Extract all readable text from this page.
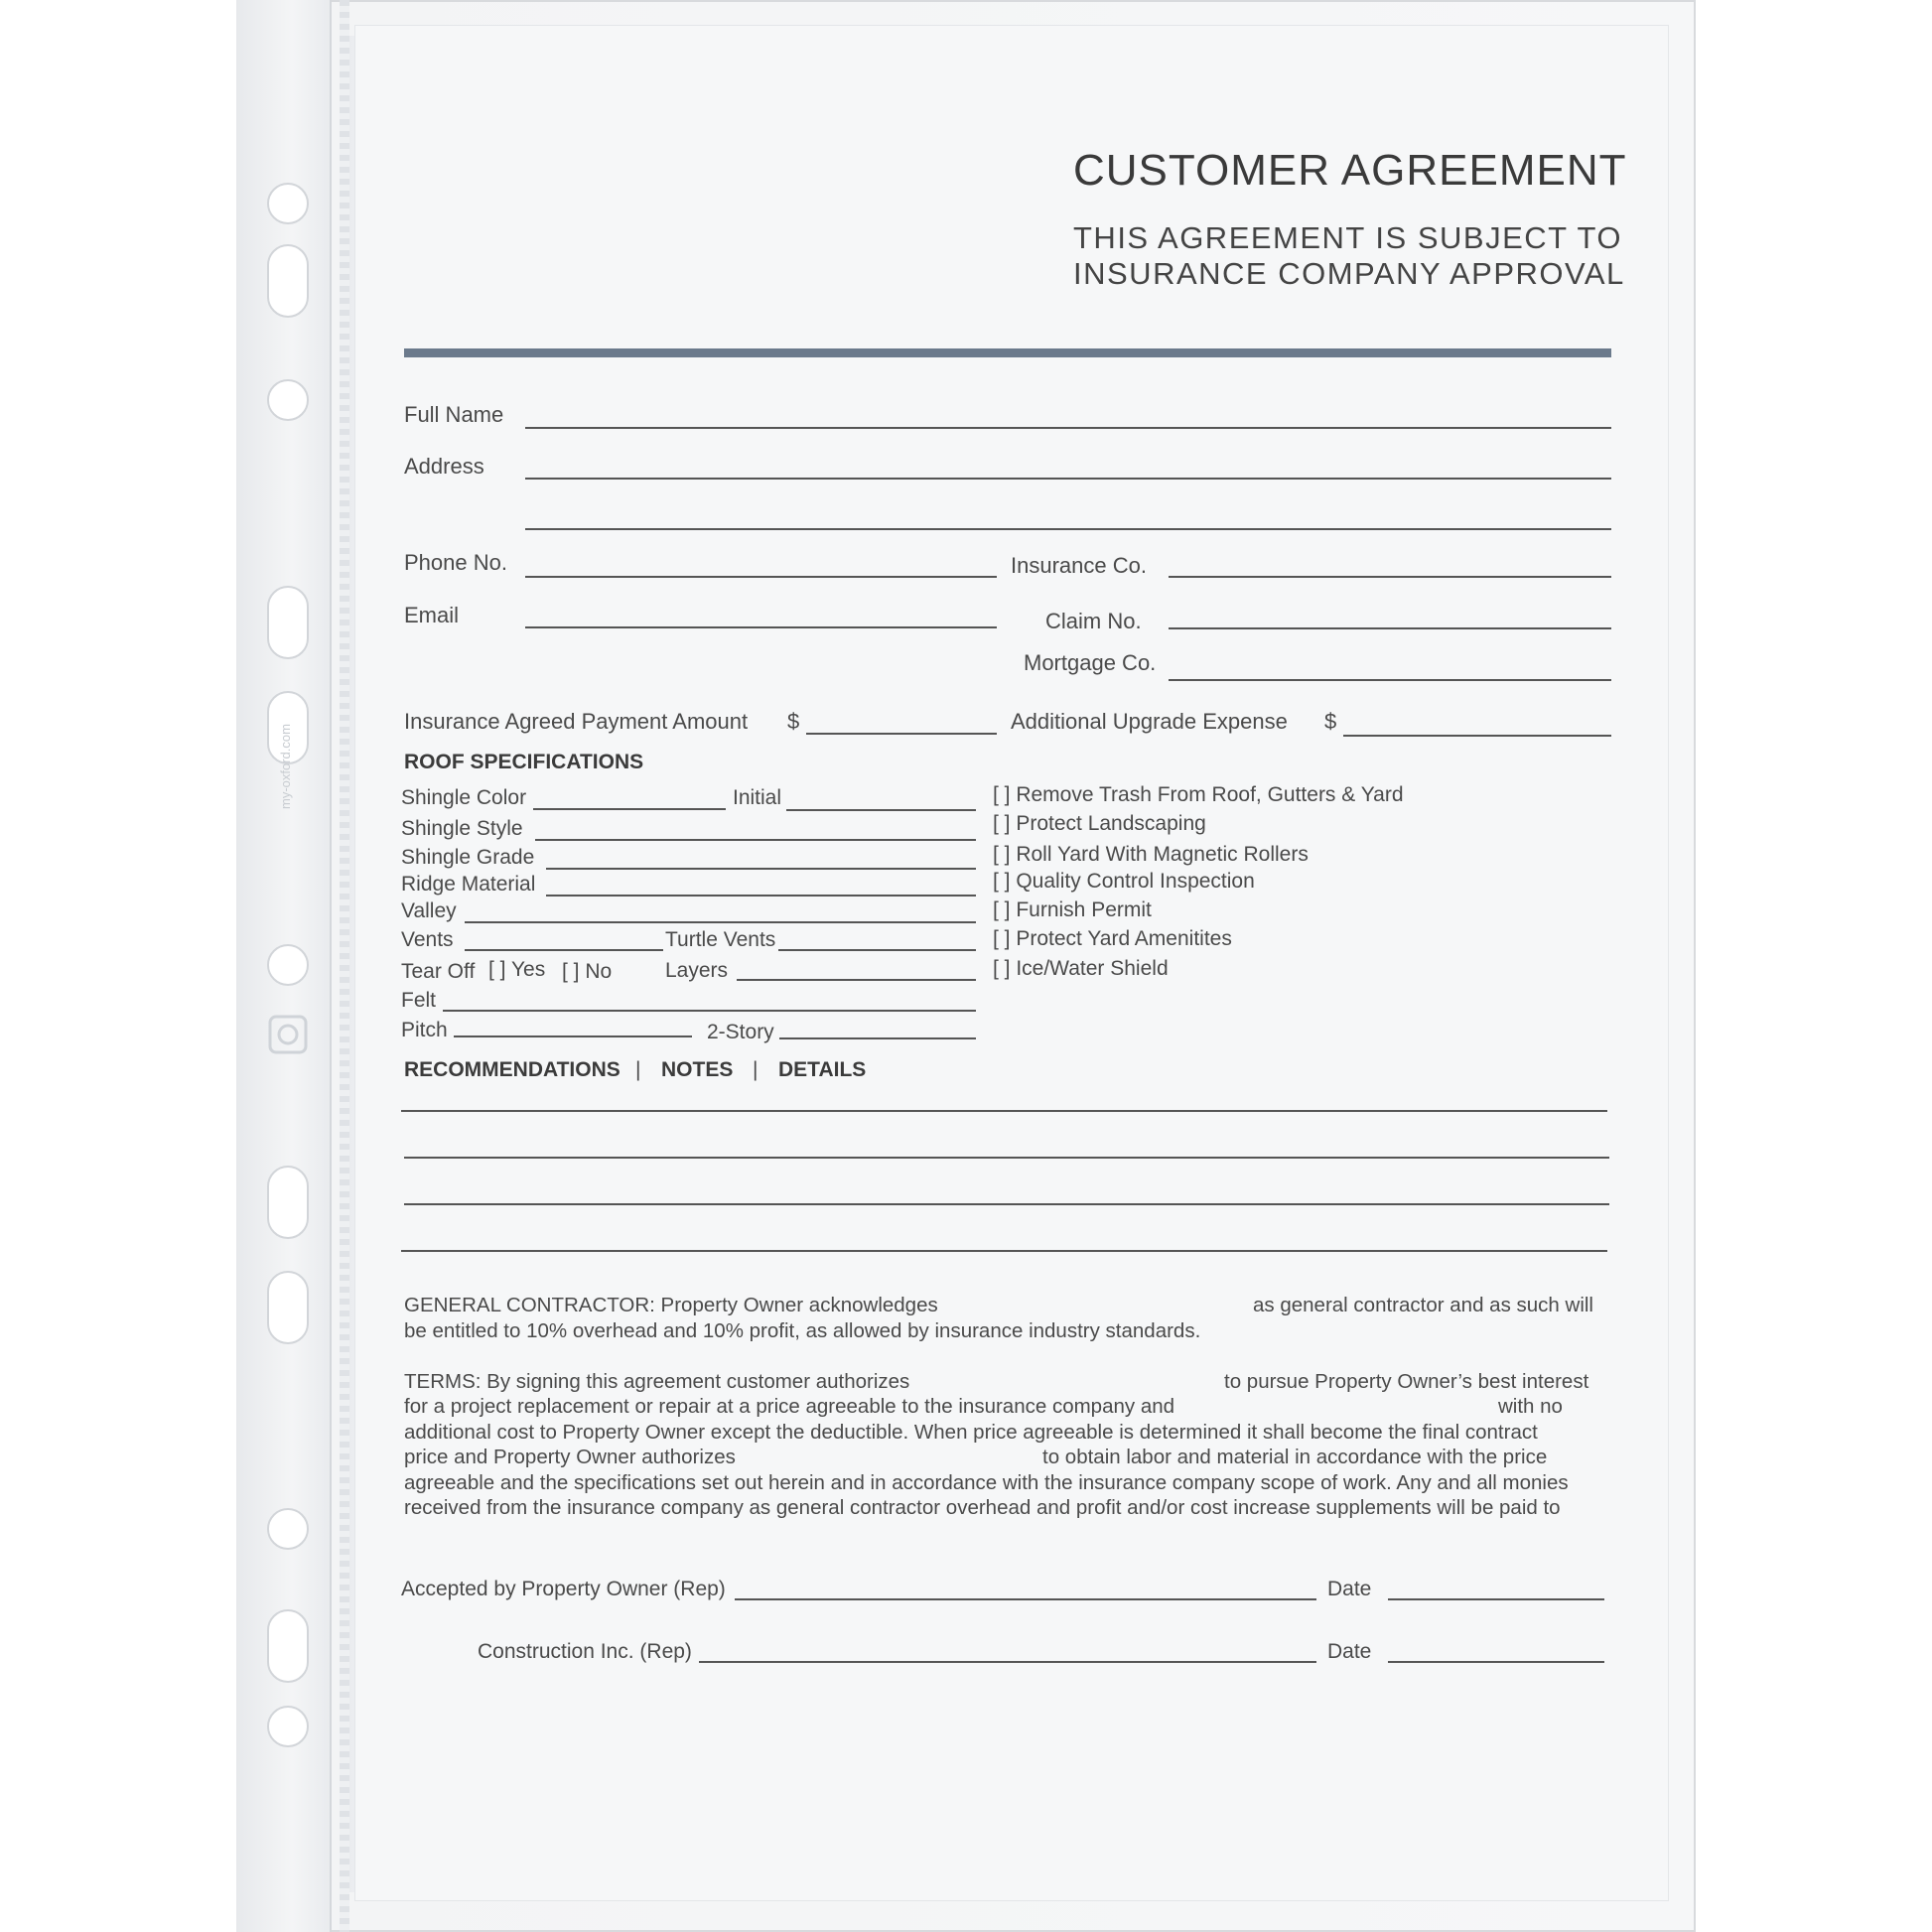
my-oxford.com
CUSTOMER AGREEMENT
THIS AGREEMENT IS SUBJECT TO
INSURANCE COMPANY APPROVAL
Full Name
Address
Phone No.	Insurance Co.
Email	Claim No.
Mortgage Co.
Insurance Agreed Payment Amount $	Additional Upgrade Expense $
ROOF SPECIFICATIONS
Shingle Color	Initial
Shingle Style
Shingle Grade
Ridge Material
Valley
Vents	Turtle Vents
Tear Off [ ] Yes [ ] No	Layers
Felt
Pitch	2-Story
[ ] Remove Trash From Roof, Gutters & Yard
[ ] Protect Landscaping
[ ] Roll Yard With Magnetic Rollers
[ ] Quality Control Inspection
[ ] Furnish Permit
[ ] Protect Yard Amenitites
[ ] Ice/Water Shield
RECOMMENDATIONS | NOTES | DETAILS
GENERAL CONTRACTOR: Property Owner acknowledges	as general contractor and as such will
be entitled to 10% overhead and 10% profit, as allowed by insurance industry standards.
TERMS: By signing this agreement customer authorizes	to pursue Property Owner’s best interest
for a project replacement or repair at a price agreeable to the insurance company and	with no
additional cost to Property Owner except the deductible. When price agreeable is determined it shall become the final contract
price and Property Owner authorizes	to obtain labor and material in accordance with the price
agreeable and the specifications set out herein and in accordance with the insurance company scope of work. Any and all monies
received from the insurance company as general contractor overhead and profit and/or cost increase supplements will be paid to
Accepted by Property Owner (Rep)	Date
Construction Inc. (Rep)	Date
